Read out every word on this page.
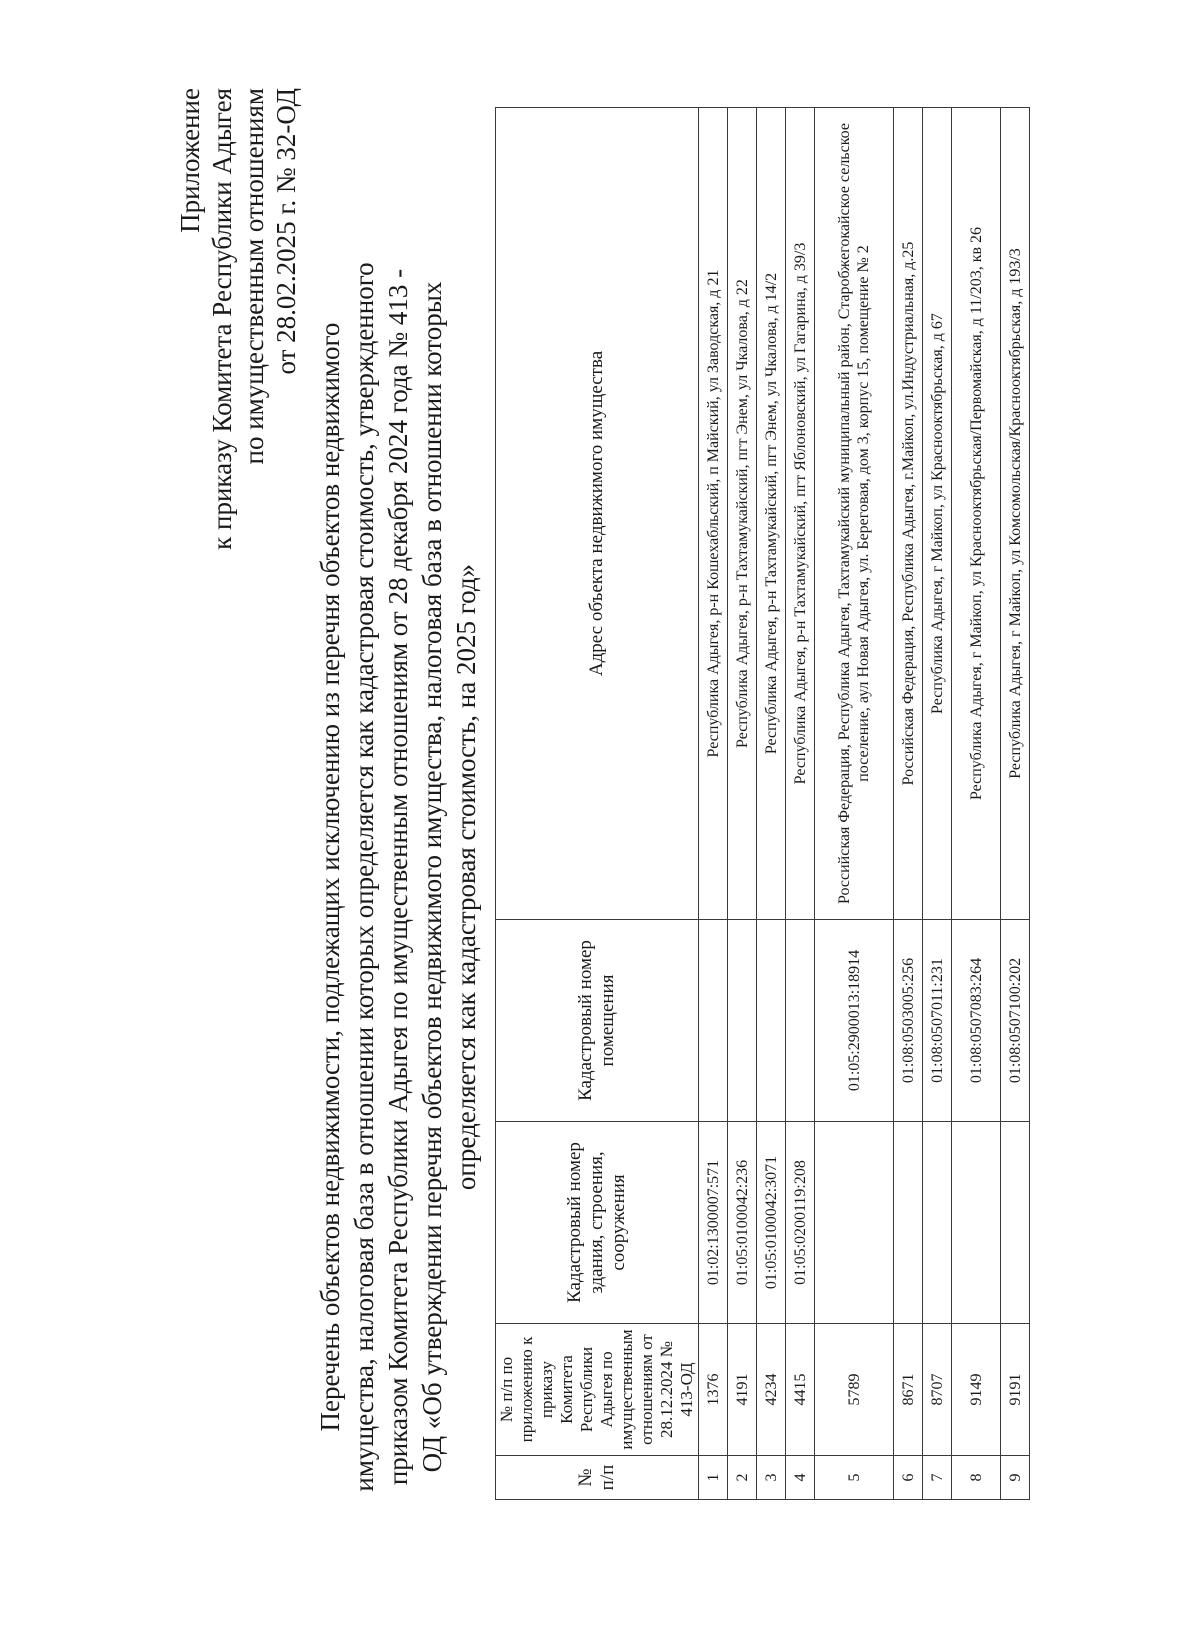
Приложение к приказу Комитета Республики Адыгея по имущественным отношениям от 28.02.2025 г. № 32-ОД
Перечень объектов недвижимости, подлежащих исключению из перечня объектов недвижимого имущества, налоговая база в отношении которых определяется как кадастровая стоимость, утвержденного приказом Комитета Республики Адыгея по имущественным отношениям от 28 декабря 2024 года № 413 - ОД «Об утверждении перечня объектов недвижимого имущества, налоговая база в отношении которых определяется как кадастровая стоимость, на 2025 год»
№ п/п	№ п/п по приложению к приказу Комитета Республики Адыгея по имущественным отношениям от 28.12.2024 № 413-ОД	Кадастровый номер здания, строения, сооружения	Кадастровый номер помещения	Адрес объекта недвижимого имущества
1	1376	01:02:1300007:571		Республика Адыгея, р-н Кошехабльский, п Майский, ул Заводская, д 21
2	4191	01:05:0100042:236		Республика Адыгея, р-н Тахтамукайский, пгт Энем, ул Чкалова, д 22
3	4234	01:05:0100042:3071		Республика Адыгея, р-н Тахтамукайский, пгт Энем, ул Чкалова, д 14/2
4	4415	01:05:0200119:208		Республика Адыгея, р-н Тахтамукайский, пгт Яблоновский, ул Гагарина, д 39/3
5	5789		01:05:2900013:18914	Российская Федерация, Республика Адыгея, Тахтамукайский муниципальный район, Старобжегокайское сельское поселение, аул Новая Адыгея, ул. Береговая, дом 3, корпус 15, помещение № 2
6	8671		01:08:0503005:256	Российская Федерация, Республика Адыгея, г.Майкоп, ул.Индустриальная, д.25
7	8707		01:08:0507011:231	Республика Адыгея, г Майкоп, ул Краснооктябрьская, д 67
8	9149		01:08:0507083:264	Республика Адыгея, г Майкоп, ул Краснооктябрьская/Первомайская, д 11/203, кв 26
9	9191		01:08:0507100:202	Республика Адыгея, г Майкоп, ул Комсомольская/Краснооктябрьская, д 193/3
